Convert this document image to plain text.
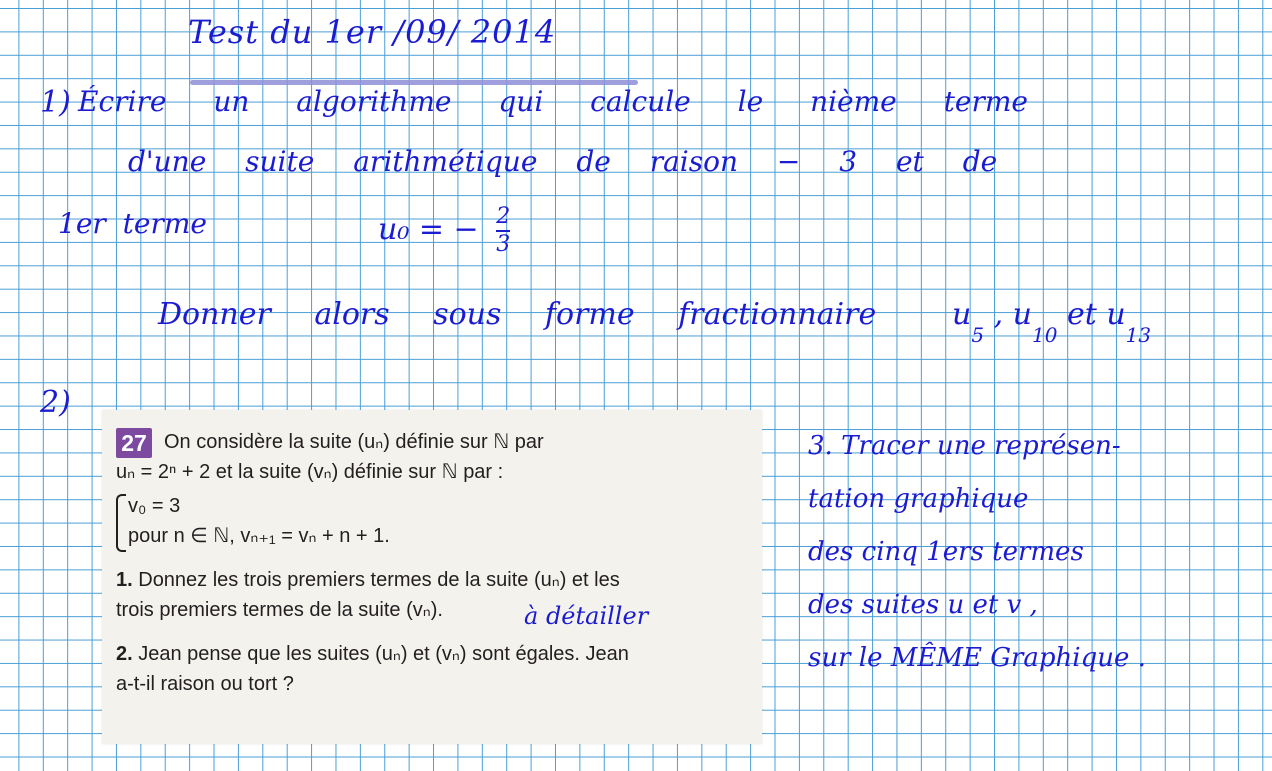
Test du 1er /09/ 2014
1) Écrire un algorithme qui calcule le nième terme
d'une suite arithmétique de raison − 3 et de
1er terme	u₀ = − $\frac{2}{3}$
Donner alors sous forme fractionnaire	$u_5$ , $u_{10}$ et $u_{13}$
2)
27 On considère la suite (uₙ) définie sur ℕ par
uₙ = 2ⁿ + 2 et la suite (vₙ) définie sur ℕ par :
v₀ = 3
pour n ∈ ℕ, vₙ₊₁ = vₙ + n + 1.
1. Donnez les trois premiers termes de la suite (uₙ) et les
trois premiers termes de la suite (vₙ).
2. Jean pense que les suites (uₙ) et (vₙ) sont égales. Jean
a-t-il raison ou tort ?
à détailler
3. Tracer une représen-
tation graphique
des cinq 1ers termes
des suites u et v ,
sur le MÊME Graphique .
